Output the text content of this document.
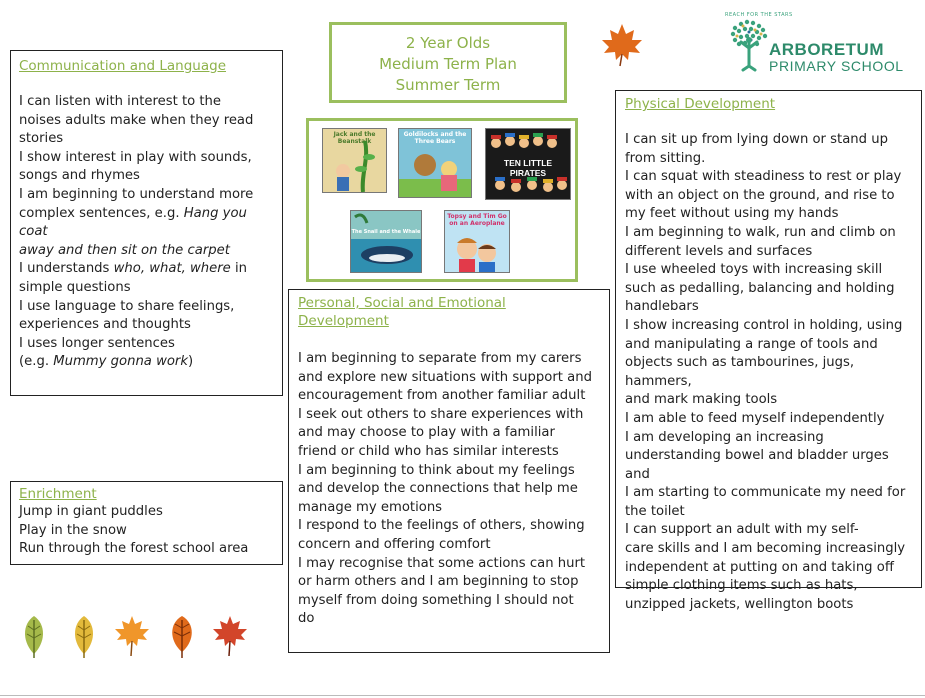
2 Year Olds
Medium Term Plan
Summer Term
REACH FOR THE STARS
ARBORETUM
PRIMARY SCHOOL
Communication and Language
I can listen with interest to the
noises adults make when they read
stories
I show interest in play with sounds,
songs and rhymes
I am beginning to understand more
complex sentences, e.g. Hang you coat
away and then sit on the carpet
I understands who, what, where in
simple questions
I use language to share feelings,
experiences and thoughts
I uses longer sentences
(e.g. Mummy gonna work)
Jack and the Beanstalk
Goldilocks and the Three Bears
TEN LITTLE PIRATES
The Snail and the Whale
Topsy and Tim Go on an Aeroplane
Personal, Social and Emotional
Development
I am beginning to separate from my carers
and explore new situations with support and
encouragement from another familiar adult
I seek out others to share experiences with
and may choose to play with a familiar
friend or child who has similar interests
I am beginning to think about my feelings
and develop the connections that help me
manage my emotions
I respond to the feelings of others, showing
concern and offering comfort
I may recognise that some actions can hurt
or harm others and I am beginning to stop
myself from doing something I should not
do
Physical Development
I can sit up from lying down or stand up
from sitting.
I can squat with steadiness to rest or play
with an object on the ground, and rise to
my feet without using my hands
I am beginning to walk, run and climb on
different levels and surfaces
I use wheeled toys with increasing skill
such as pedalling, balancing and holding
handlebars
I show increasing control in holding, using
and manipulating a range of tools and
objects such as tambourines, jugs, hammers,
and mark making tools
I am able to feed myself independently
I am developing an increasing
understanding bowel and bladder urges and
I am starting to communicate my need for
the toilet
I can support an adult with my self-
care skills and I am becoming increasingly
independent at putting on and taking off
simple clothing items such as hats,
unzipped jackets, wellington boots
Enrichment
Jump in giant puddles
Play in the snow
Run through the forest school area
